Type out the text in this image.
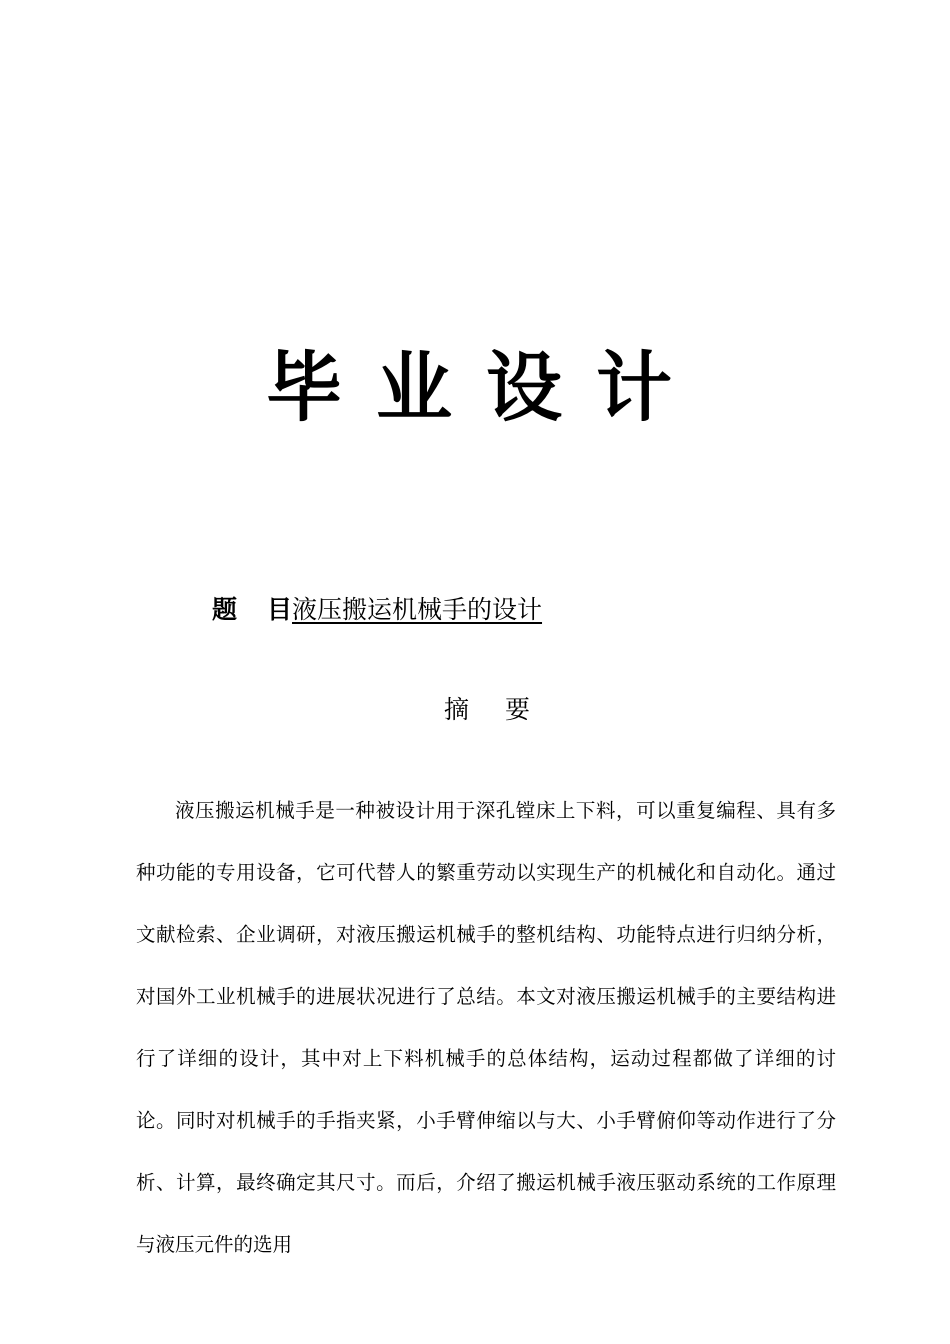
毕业设计
题目
液压搬运机械手的设计
摘要

液压搬运机械手是一种被设计用于深孔镗床上下料，可以重复编程、具有多种功能的专用设备，它可代替人的繁重劳动以实现生产的机械化和自动化。通过文献检索、企业调研，对液压搬运机械手的整机结构、功能特点进行归纳分析，对国外工业机械手的进展状况进行了总结。本文对液压搬运机械手的主要结构进行了详细的设计，其中对上下料机械手的总体结构，运动过程都做了详细的讨论。同时对机械手的手指夹紧，小手臂伸缩以与大、小手臂俯仰等动作进行了分析、计算，最终确定其尺寸。而后，介绍了搬运机械手液压驱动系统的工作原理与液压元件的选用
